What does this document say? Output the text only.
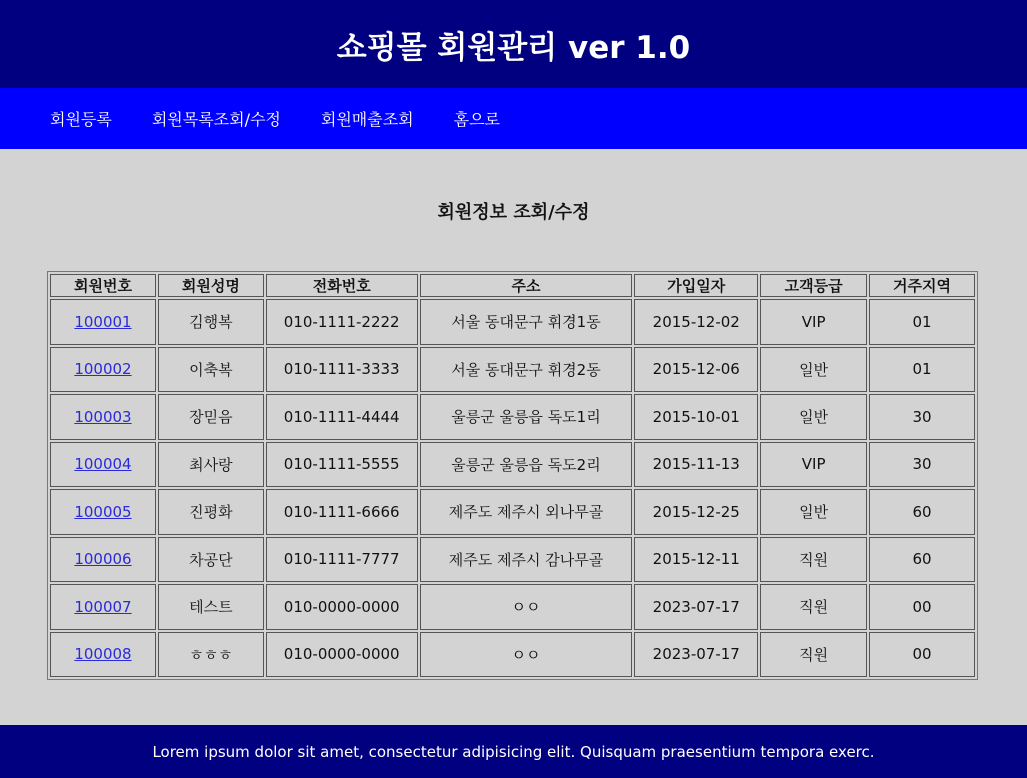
쇼핑몰 회원관리 ver 1.0
회원등록	회원목록조회/수정	회원매출조회	홈으로
회원정보 조회/수정
회원번호	회원성명	전화번호	주소	가입일자	고객등급	거주지역
100001	김행복	010-1111-2222	서울 동대문구 휘경1동	2015-12-02	VIP	01
100002	이축복	010-1111-3333	서울 동대문구 휘경2동	2015-12-06	일반	01
100003	장믿음	010-1111-4444	울릉군 울릉읍 독도1리	2015-10-01	일반	30
100004	최사랑	010-1111-5555	울릉군 울릉읍 독도2리	2015-11-13	VIP	30
100005	진평화	010-1111-6666	제주도 제주시 외나무골	2015-12-25	일반	60
100006	차공단	010-1111-7777	제주도 제주시 감나무골	2015-12-11	직원	60
100007	테스트	010-0000-0000	ㅇㅇ	2023-07-17	직원	00
100008	ㅎㅎㅎ	010-0000-0000	ㅇㅇ	2023-07-17	직원	00
Lorem ipsum dolor sit amet, consectetur adipisicing elit. Quisquam praesentium tempora exerc.
